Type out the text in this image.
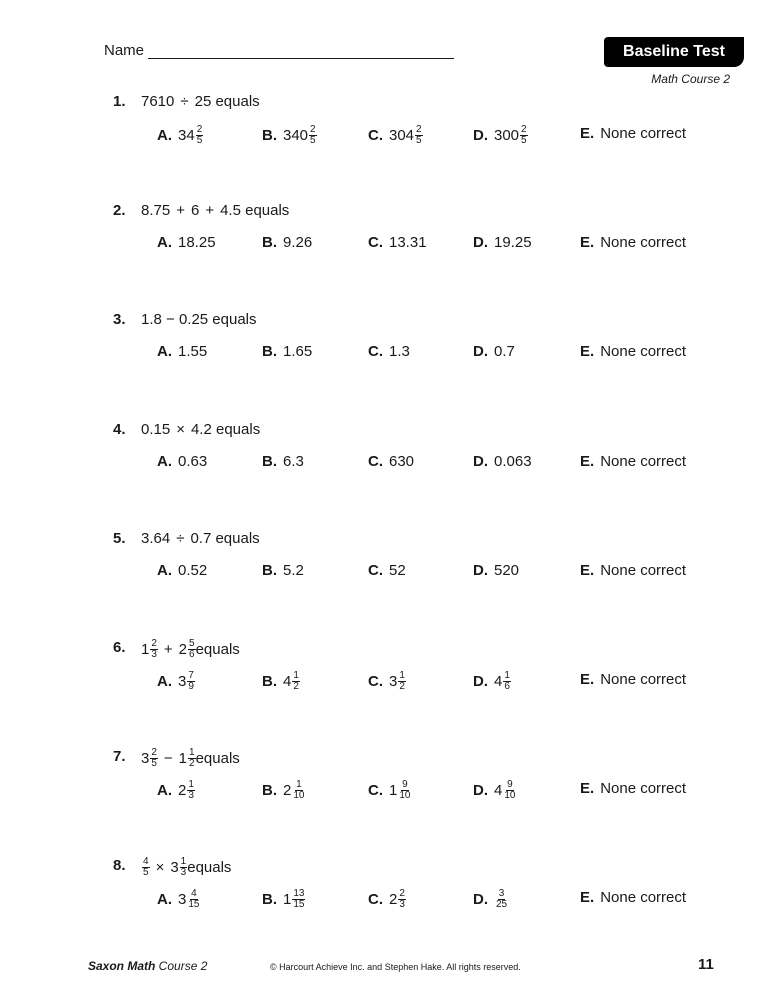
Name	Baseline Test
Math Course 2
1. 7610 ÷ 25 equals
A. $34 \frac{2}{5}$	B. $340 \frac{2}{5}$	C. $304 \frac{2}{5}$	D. $300 \frac{2}{5}$	E. None correct
2. 8.75 + 6 + 4.5 equals
A. 18.25	B. 9.26	C. 13.31	D. 19.25	E. None correct
3. 1.8 − 0.25 equals
A. 1.55	B. 1.65	C. 1.3	D. 0.7	E. None correct
4. 0.15 × 4.2 equals
A. 0.63	B. 6.3	C. 630	D. 0.063	E. None correct
5. 3.64 ÷ 0.7 equals
A. 0.52	B. 5.2	C. 52	D. 520	E. None correct
6. $1 \frac{2}{3} + 2 \frac{5}{6}$ equals
A. $3 \frac{7}{9}$	B. $4 \frac{1}{2}$	C. $3 \frac{1}{2}$	D. $4 \frac{1}{6}$	E. None correct
7. $3 \frac{2}{5} - 1 \frac{1}{2}$ equals
A. $2 \frac{1}{3}$	B. $2 \frac{1}{10}$	C. $1 \frac{9}{10}$	D. $4 \frac{9}{10}$	E. None correct
8. $\frac{4}{5} \times 3 \frac{1}{3}$ equals
A. $3 \frac{4}{15}$	B. $1 \frac{13}{15}$	C. $2 \frac{2}{3}$	D. $\frac{3}{25}$	E. None correct
Saxon Math Course 2	© Harcourt Achieve Inc. and Stephen Hake. All rights reserved.	11
